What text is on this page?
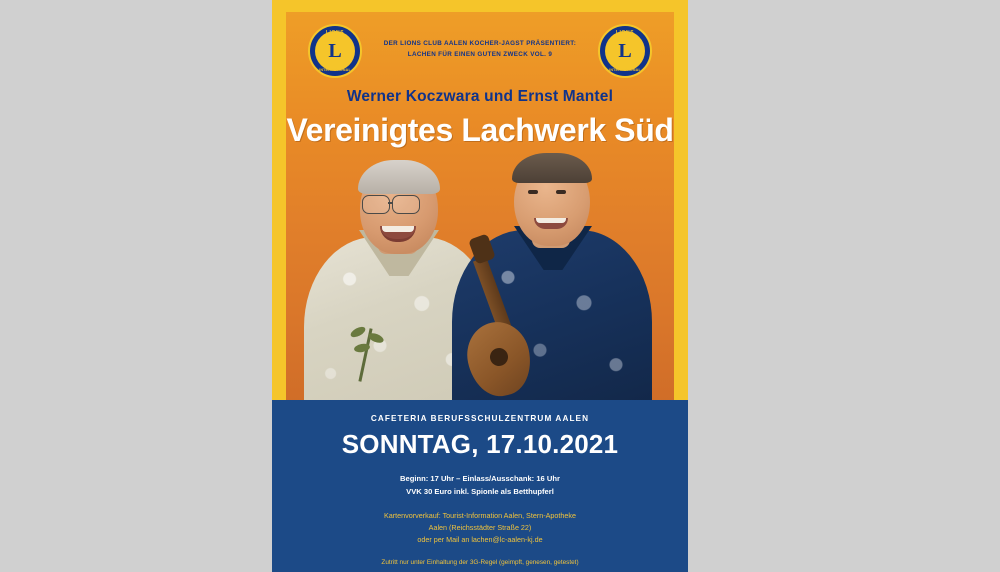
LIONS
L
INTERNATIONAL
LIONS
L
INTERNATIONAL
DER LIONS CLUB AALEN KOCHER-JAGST PRÄSENTIERT:
LACHEN FÜR EINEN GUTEN ZWECK VOL. 9
Werner Koczwara und Ernst Mantel
Vereinigtes Lachwerk Süd
CAFETERIA BERUFSSCHULZENTRUM AALEN
SONNTAG, 17.10.2021
Beginn: 17 Uhr – Einlass/Ausschank: 16 Uhr
VVK 30 Euro inkl. Spionle als Betthupferl
Kartenvorverkauf: Tourist-Information Aalen, Stern-Apotheke
Aalen (Reichsstädter Straße 22)
oder per Mail an lachen@lc-aalen-kj.de
Zutritt nur unter Einhaltung der 3G-Regel (geimpft, genesen, getestet)
